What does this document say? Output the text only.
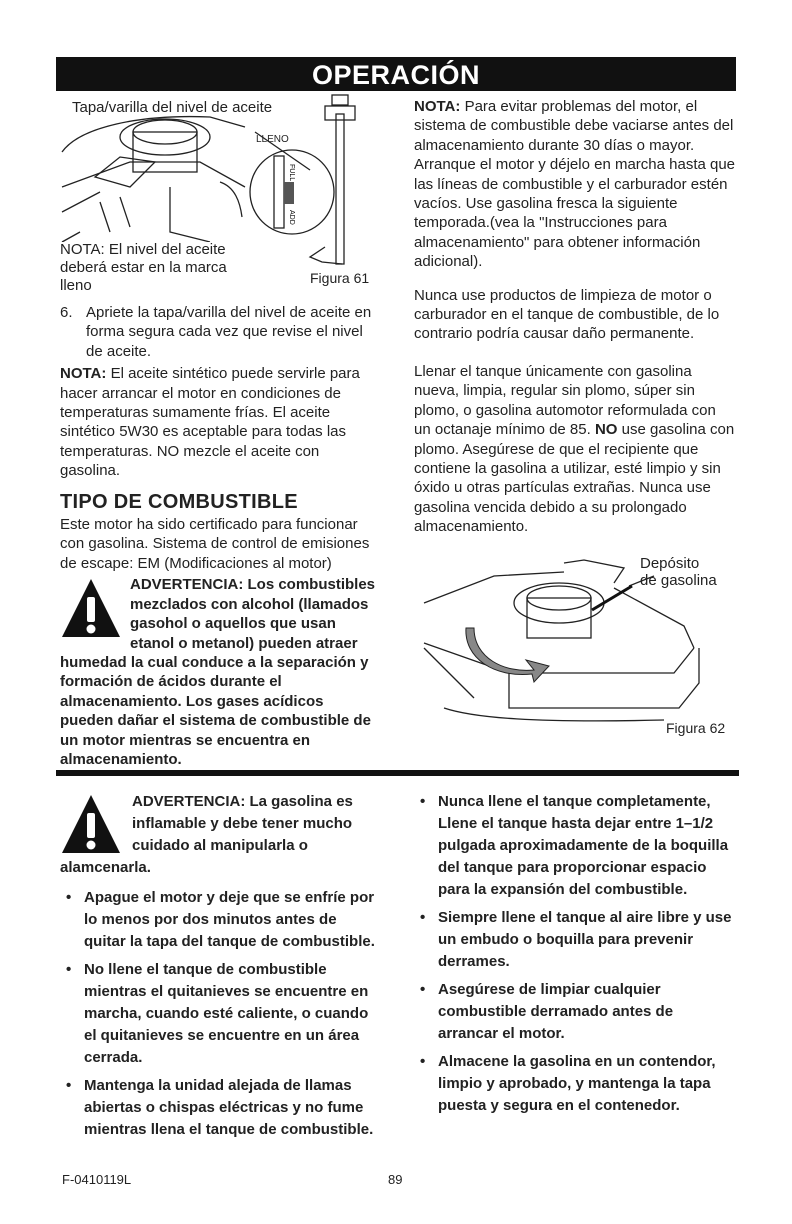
OPERACIÓN
FULL
ADD
Tapa/varilla del nivel de aceite
LLENO
NOTA: El nivel del aceite
deberá estar en la marca
lleno	Figura 61

6. Apriete la tapa/varilla del nivel de aceite en forma segura cada vez que revise el nivel de aceite.

NOTA: El aceite sintético puede servirle para hacer arrancar el motor en condiciones de temperaturas sumamente frías. El aceite sintético 5W30 es aceptable para todas las temperaturas. NO mezcle el aceite con gasolina.

TIPO DE COMBUSTIBLE

Este motor ha sido certificado para funcionar con gasolina. Sistema de control de emisiones de escape: EM (Modificaciones al motor)

ADVERTENCIA: Los combustibles mezclados con alcohol (llamados gasohol o aquellos que usan etanol o metanol) pueden atraer humedad la cual conduce a la separación y formación de ácidos durante el almacenamiento. Los gases acídicos pueden dañar el sistema de combustible de un motor mientras se encuentra en almacenamiento.

NOTA: Para evitar problemas del motor, el sistema de combustible debe vaciarse antes del almacenamiento durante 30 días o mayor. Arranque el motor y déjelo en marcha hasta que las líneas de combustible y el carburador estén vacíos. Use gasolina fresca la siguiente temporada.(vea la "Instrucciones para almacenamiento" para obtener información adicional).

Nunca use productos de limpieza de motor o carburador en el tanque de combustible, de lo contrario podría causar daño permanente.

Llenar el tanque únicamente con gasolina nueva, limpia, regular sin plomo, súper sin plomo, o gasolina automotor reformulada con un octanaje mínimo de 85. NO use gasolina con plomo. Asegúrese de que el recipiente que contiene la gasolina a utilizar, esté limpio y sin óxido u otras partículas extrañas. Nunca use gasolina vencida debido a su prolongado almacenamiento.

Depósito
de gasolina
Figura 62
ADVERTENCIA: La gasolina es inflamable y debe tener mucho cuidado al manipularla o alamcenarla.
• Apague el motor y deje que se enfríe por lo menos por dos minutos antes de quitar la tapa del tanque de combustible.
• No llene el tanque de combustible mientras el quitanieves se encuentre en marcha, cuando esté caliente, o cuando el quitanieves se encuentre en un área cerrada.
• Mantenga la unidad alejada de llamas abiertas o chispas eléctricas y no fume mientras llena el tanque de combustible.
• Nunca llene el tanque completamente, Llene el tanque hasta dejar entre 1–1/2 pulgada aproximadamente de la boquilla del tanque para proporcionar espacio para la expansión del combustible.
• Siempre llene el tanque al aire libre y use un embudo o boquilla para prevenir derrames.
• Asegúrese de limpiar cualquier combustible derramado antes de arrancar el motor.
• Almacene la gasolina en un contendor, limpio y aprobado, y mantenga la tapa puesta y segura en el contenedor.
F-0410119L	89
